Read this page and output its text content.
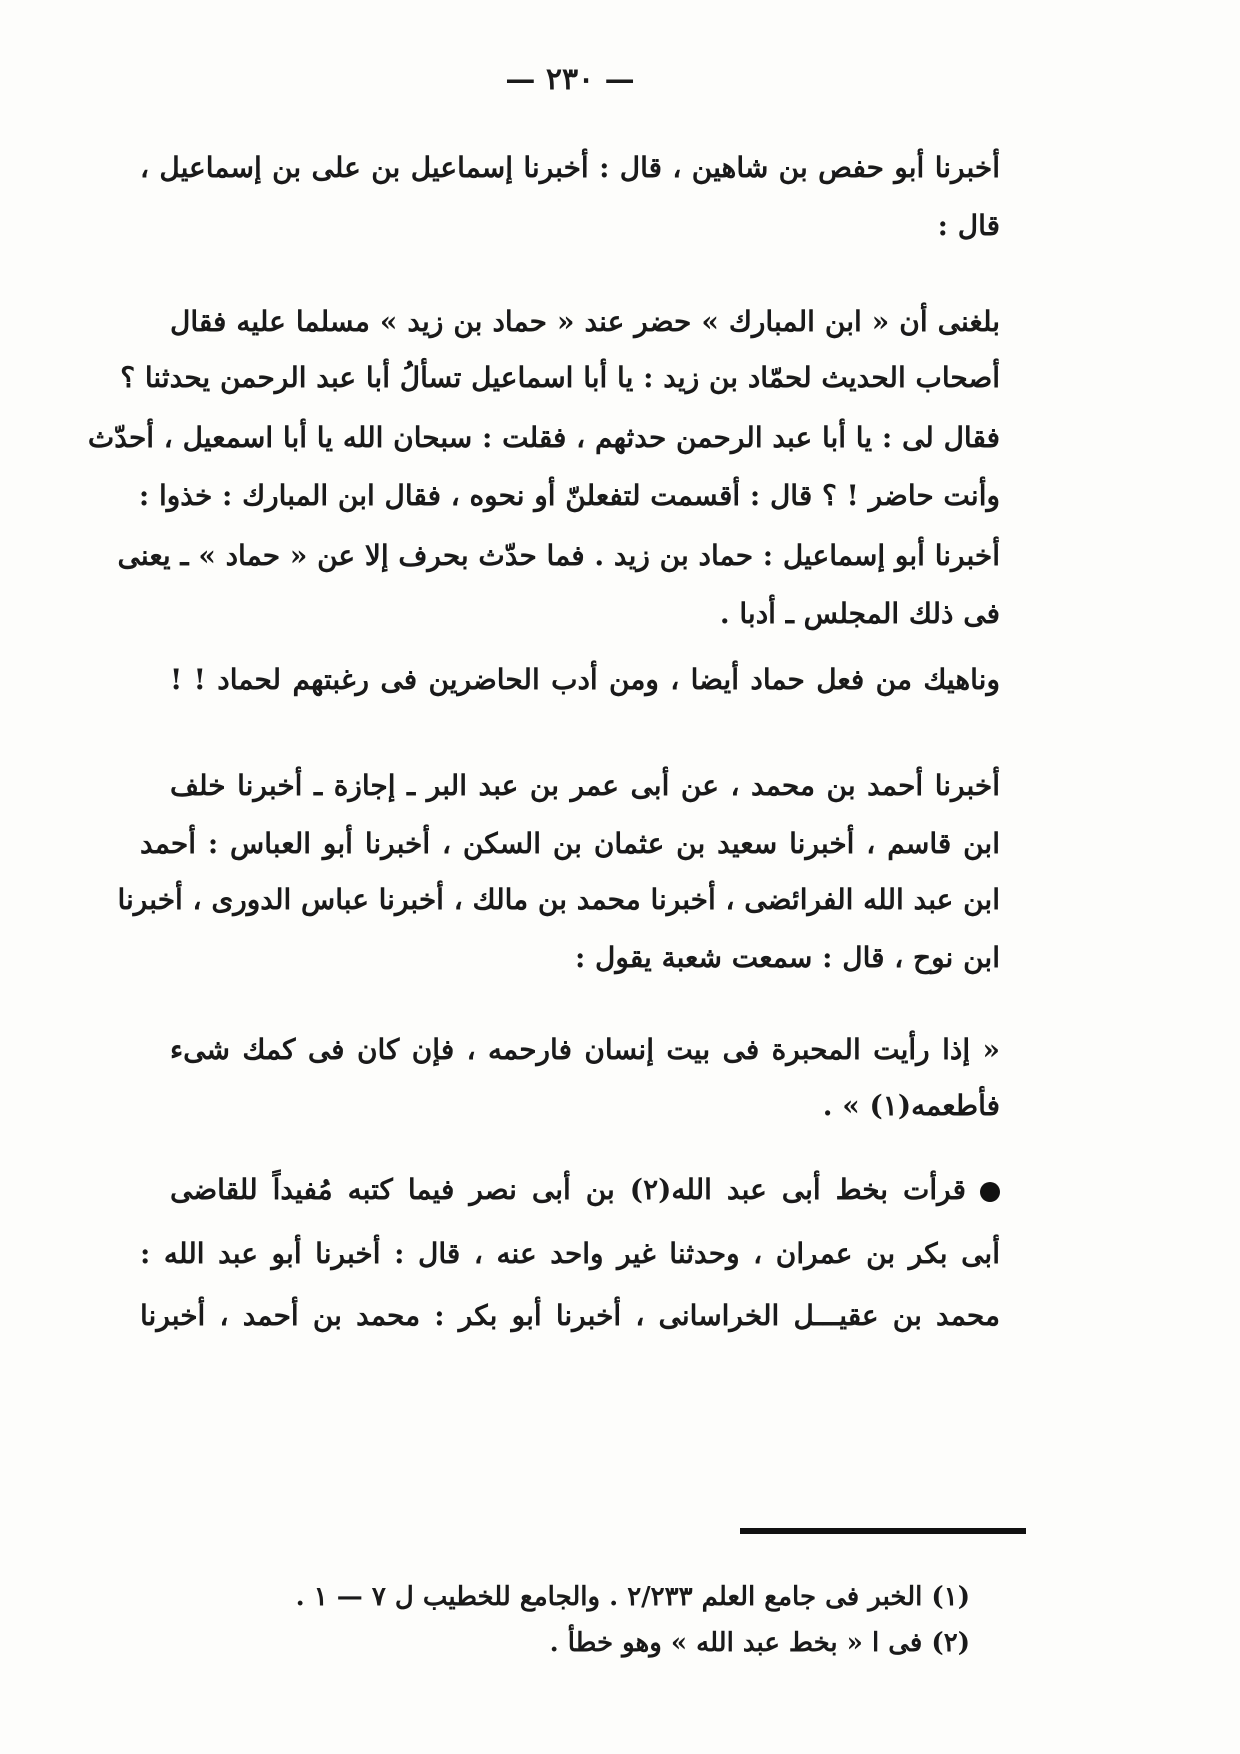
— ٢٣٠ —
أخبرنا أبو حفص بن شاهين ، قال : أخبرنا إسماعيل بن على بن إسماعيل ،
قال :
بلغنى أن « ابن المبارك » حضر عند « حماد بن زيد » مسلما عليه فقال
أصحاب الحديث لحمّاد بن زيد : يا أبا اسماعيل تسألُ أبا عبد الرحمن يحدثنا ؟
فقال لى : يا أبا عبد الرحمن حدثهم ، فقلت : سبحان الله يا أبا اسمعيل ، أحدّث
وأنت حاضر ! ؟ قال : أقسمت لتفعلنّ أو نحوه ، فقال ابن المبارك : خذوا :
أخبرنا أبو إسماعيل : حماد بن زيد . فما حدّث بحرف إلا عن « حماد » ـ يعنى
فى ذلك المجلس ـ أدبا .
وناهيك من فعل حماد أيضا ، ومن أدب الحاضرين فى رغبتهم لحماد ! !
أخبرنا أحمد بن محمد ، عن أبى عمر بن عبد البر ـ إجازة ـ أخبرنا خلف
ابن قاسم ، أخبرنا سعيد بن عثمان بن السكن ، أخبرنا أبو العباس : أحمد
ابن عبد الله الفرائضى ، أخبرنا محمد بن مالك ، أخبرنا عباس الدورى ، أخبرنا
ابن نوح ، قال : سمعت شعبة يقول :
« إذا رأيت المحبرة فى بيت إنسان فارحمه ، فإن كان فى كمك شىء
فأطعمه(١) » .
قرأت بخط أبى عبد الله(٢) بن أبى نصر فيما كتبه مُفيداً للقاضى
أبى بكر بن عمران ، وحدثنا غير واحد عنه ، قال : أخبرنا أبو عبد الله :
محمد بن عقيـــل الخراسانى ، أخبرنا أبو بكر : محمد بن أحمد ، أخبرنا
(١) الخبر فى جامع العلم ٢/٢٣٣ . والجامع للخطيب ل ٧ — ١ .
(٢) فى ا « بخط عبد الله » وهو خطأ .
